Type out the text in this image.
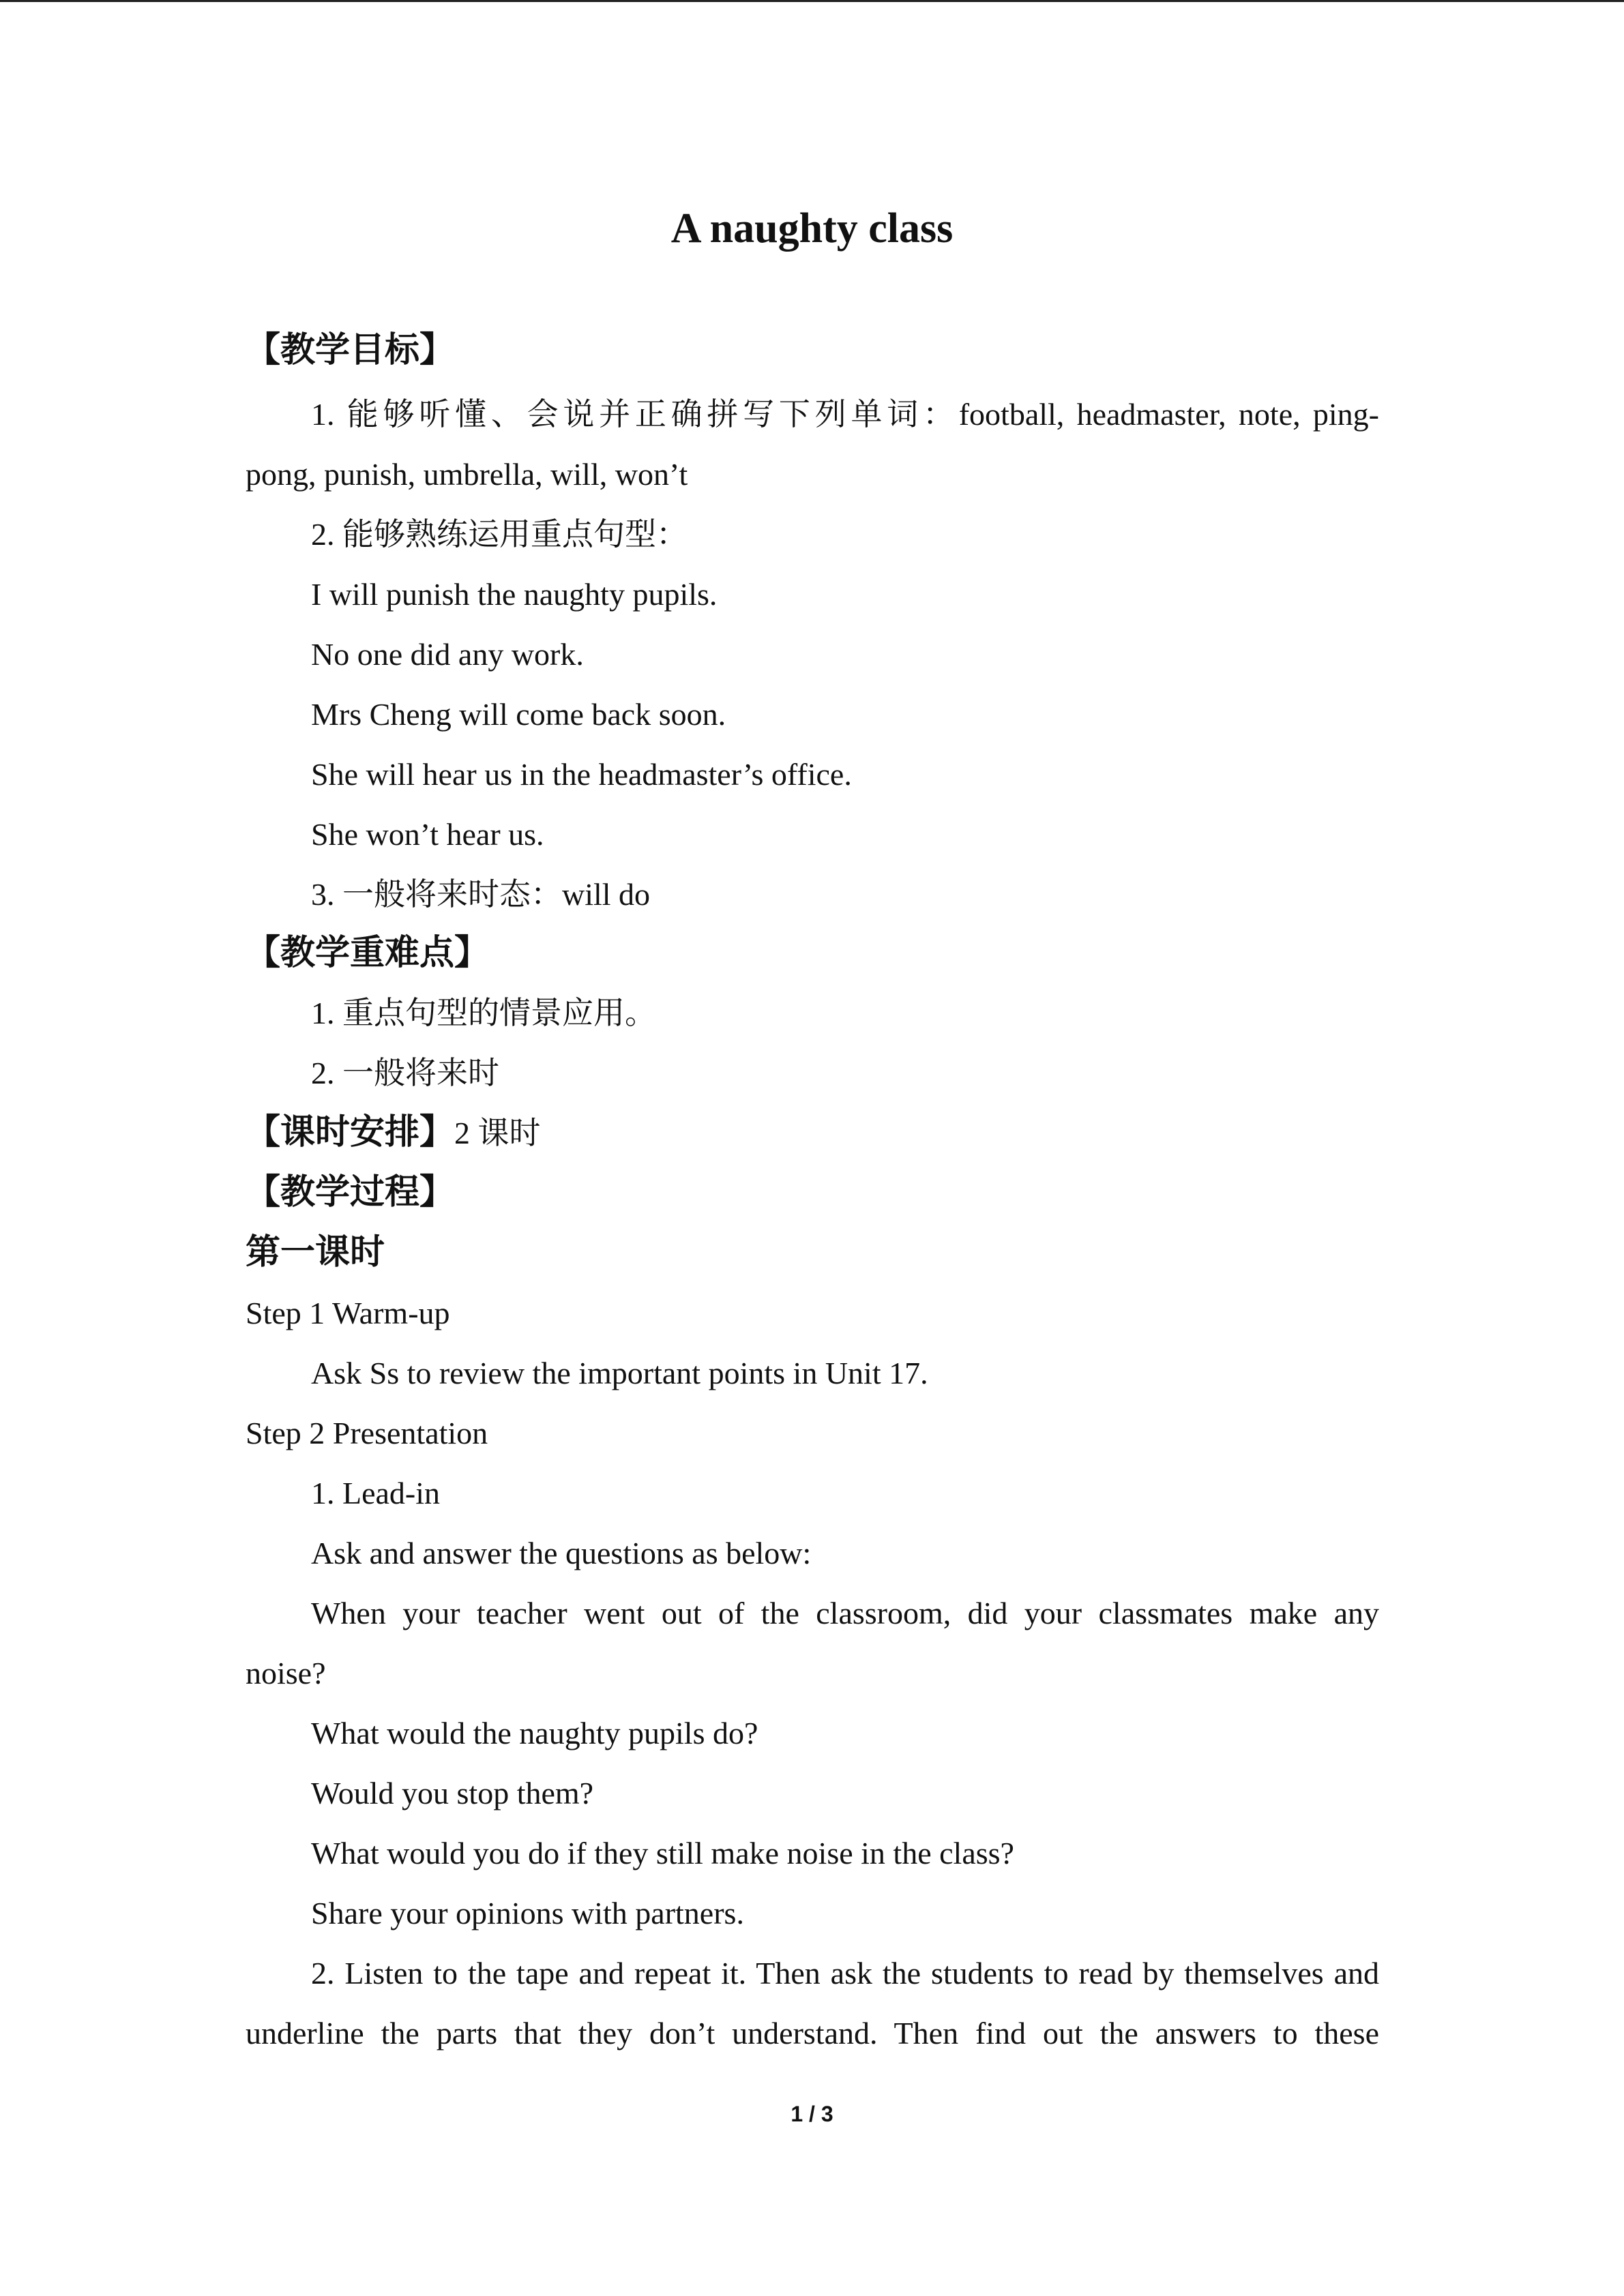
A naughty class
【教学目标】
1. 能够听懂、会说并正确拼写下列单词：football, headmaster, note, ping-
pong, punish, umbrella, will, won’t
2. 能够熟练运用重点句型：
I will punish the naughty pupils.
No one did any work.
Mrs Cheng will come back soon.
She will hear us in the headmaster’s office.
She won’t hear us.
3. 一般将来时态：will do
【教学重难点】
1. 重点句型的情景应用。
2. 一般将来时
【课时安排】2 课时
【教学过程】
第一课时
Step 1 Warm-up
Ask Ss to review the important points in Unit 17.
Step 2 Presentation
1. Lead-in
Ask and answer the questions as below:
When your teacher went out of the classroom, did your classmates make any
noise?
What would the naughty pupils do?
Would you stop them?
What would you do if they still make noise in the class?
Share your opinions with partners.
2. Listen to the tape and repeat it. Then ask the students to read by themselves and
underline the parts that they don’t understand. Then find out the answers to these
1 / 3
